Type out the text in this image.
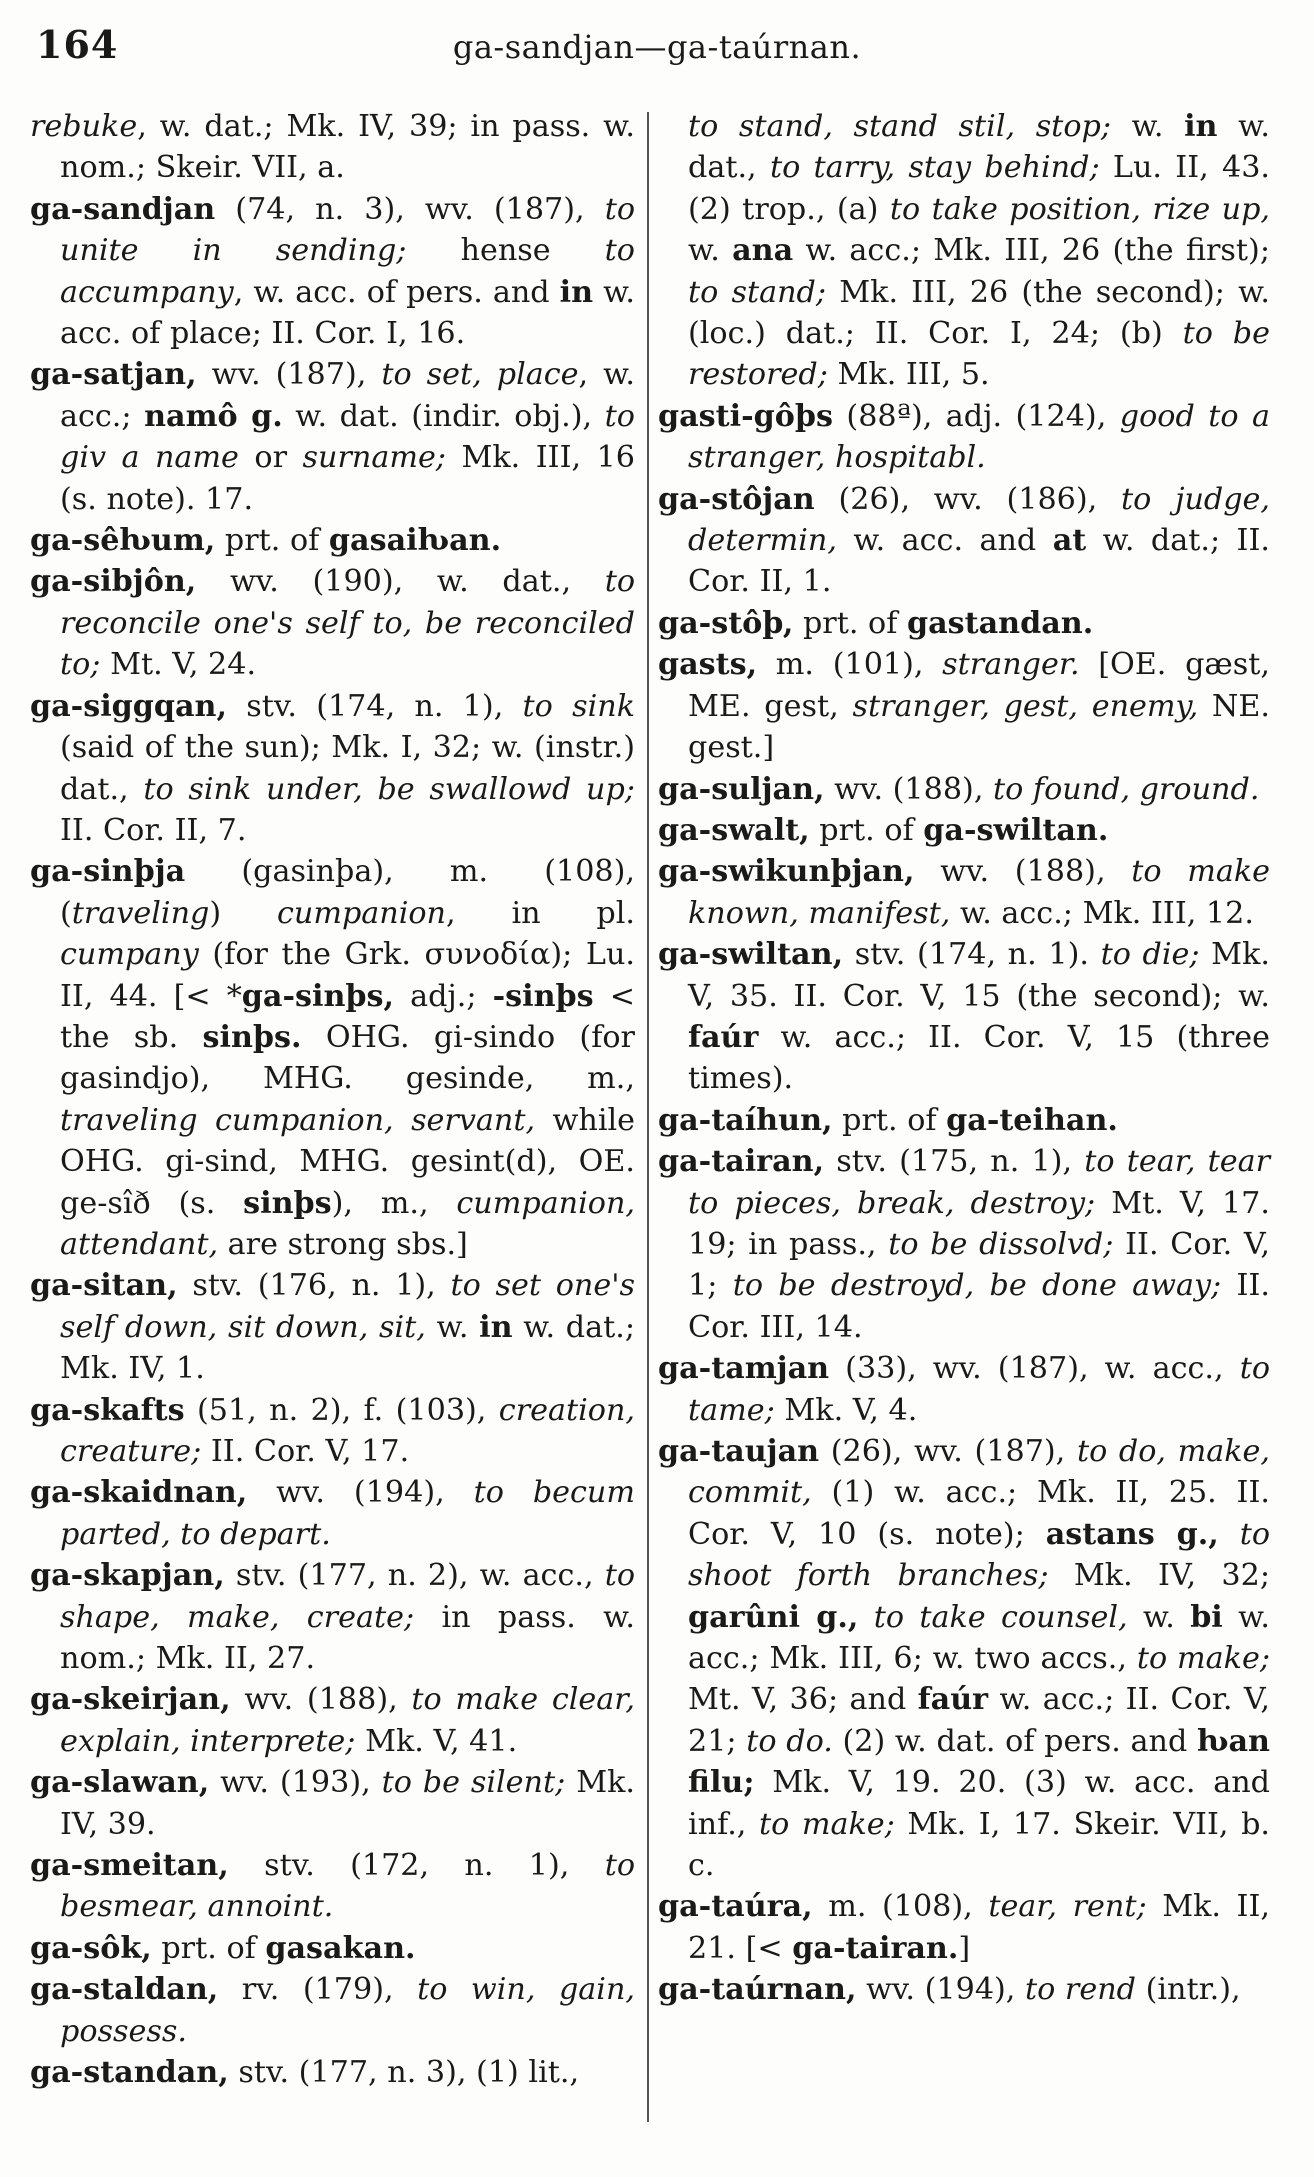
164	ga-sandjan—ga-taúrnan.

rebuke, w. dat.; Mk. IV, 39; in pass. w. nom.; Skeir. VII, a.

ga-sandjan (74, n. 3), wv. (187), to unite in sending; hense to accumpany, w. acc. of pers. and in w. acc. of place; II. Cor. I, 16.

ga-satjan, wv. (187), to set, place, w. acc.; namô g. w. dat. (indir. obj.), to giv a name or surname; Mk. III, 16 (s. note). 17.

ga-sêƕum, prt. of gasaiƕan.

ga-sibjôn, wv. (190), w. dat., to reconcile one's self to, be reconciled to; Mt. V, 24.

ga-siggqan, stv. (174, n. 1), to sink (said of the sun); Mk. I, 32; w. (instr.) dat., to sink under, be swallowd up; II. Cor. II, 7.

ga-sinþja (gasinþa), m. (108), (traveling) cumpanion, in pl. cumpany (for the Grk. συνοδία); Lu. II, 44. [< *ga-sinþs, adj.; -sinþs < the sb. sinþs. OHG. gi-sindo (for gasindjo), MHG. gesinde, m., traveling cumpanion, servant, while OHG. gi-sind, MHG. gesint(d), OE. ge-sîð (s. sinþs), m., cumpanion, attendant, are strong sbs.]

ga-sitan, stv. (176, n. 1), to set one's self down, sit down, sit, w. in w. dat.; Mk. IV, 1.

ga-skafts (51, n. 2), f. (103), creation, creature; II. Cor. V, 17.

ga-skaidnan, wv. (194), to becum parted, to depart.

ga-skapjan, stv. (177, n. 2), w. acc., to shape, make, create; in pass. w. nom.; Mk. II, 27.

ga-skeirjan, wv. (188), to make clear, explain, interprete; Mk. V, 41.

ga-slawan, wv. (193), to be silent; Mk. IV, 39.

ga-smeitan, stv. (172, n. 1), to besmear, annoint.

ga-sôk, prt. of gasakan.

ga-staldan, rv. (179), to win, gain, possess.

ga-standan, stv. (177, n. 3), (1) lit.,

to stand, stand stil, stop; w. in w. dat., to tarry, stay behind; Lu. II, 43. (2) trop., (a) to take position, rize up, w. ana w. acc.; Mk. III, 26 (the first); to stand; Mk. III, 26 (the second); w. (loc.) dat.; II. Cor. I, 24; (b) to be restored; Mk. III, 5.

gasti-gôþs (88ª), adj. (124), good to a stranger, hospitabl.

ga-stôjan (26), wv. (186), to judge, determin, w. acc. and at w. dat.; II. Cor. II, 1.

ga-stôþ, prt. of gastandan.

gasts, m. (101), stranger. [OE. gæst, ME. gest, stranger, gest, enemy, NE. gest.]

ga-suljan, wv. (188), to found, ground.

ga-swalt, prt. of ga-swiltan.

ga-swikunþjan, wv. (188), to make known, manifest, w. acc.; Mk. III, 12.

ga-swiltan, stv. (174, n. 1). to die; Mk. V, 35. II. Cor. V, 15 (the second); w. faúr w. acc.; II. Cor. V, 15 (three times).

ga-taíhun, prt. of ga-teihan.

ga-tairan, stv. (175, n. 1), to tear, tear to pieces, break, destroy; Mt. V, 17. 19; in pass., to be dissolvd; II. Cor. V, 1; to be destroyd, be done away; II. Cor. III, 14.

ga-tamjan (33), wv. (187), w. acc., to tame; Mk. V, 4.

ga-taujan (26), wv. (187), to do, make, commit, (1) w. acc.; Mk. II, 25. II. Cor. V, 10 (s. note); astans g., to shoot forth branches; Mk. IV, 32; garûni g., to take counsel, w. bi w. acc.; Mk. III, 6; w. two accs., to make; Mt. V, 36; and faúr w. acc.; II. Cor. V, 21; to do. (2) w. dat. of pers. and ƕan filu; Mk. V, 19. 20. (3) w. acc. and inf., to make; Mk. I, 17. Skeir. VII, b. c.

ga-taúra, m. (108), tear, rent; Mk. II, 21. [< ga-tairan.]

ga-taúrnan, wv. (194), to rend (intr.),
